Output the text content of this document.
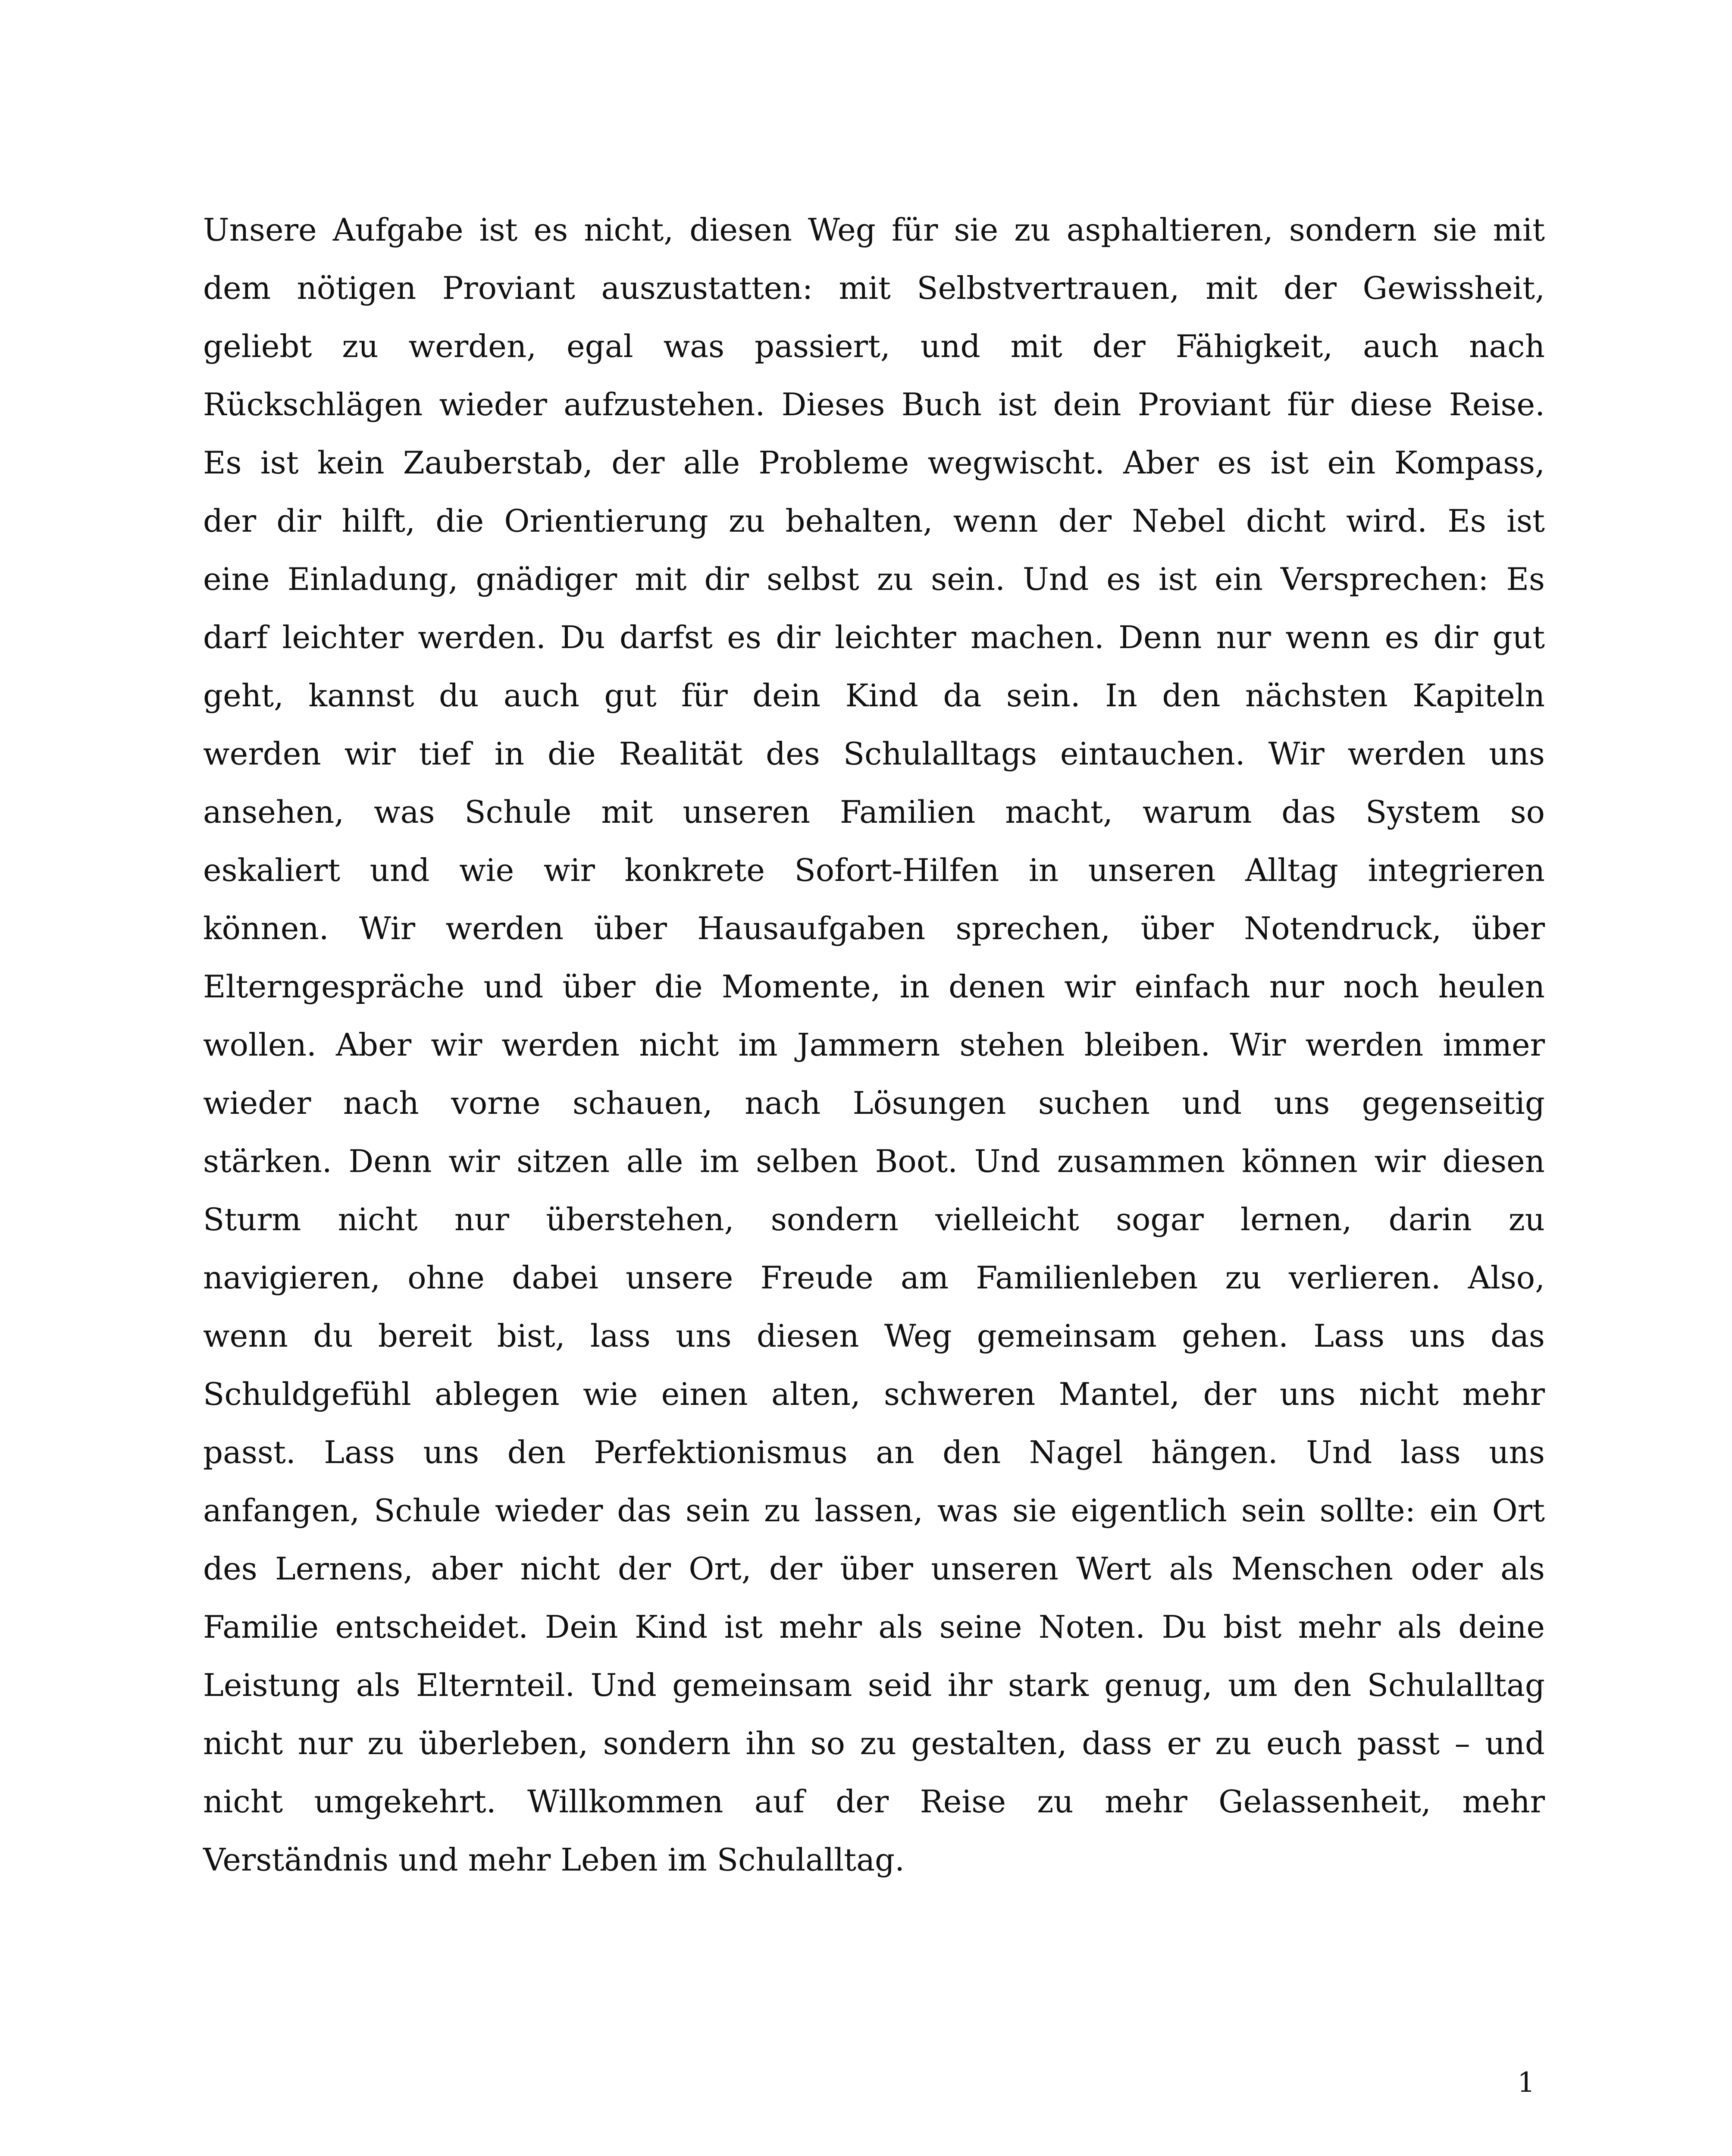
Unsere Aufgabe ist es nicht, diesen Weg für sie zu asphaltieren, sondern sie mit
dem nötigen Proviant auszustatten: mit Selbstvertrauen, mit der Gewissheit,
geliebt zu werden, egal was passiert, und mit der Fähigkeit, auch nach
Rückschlägen wieder aufzustehen. Dieses Buch ist dein Proviant für diese Reise.
Es ist kein Zauberstab, der alle Probleme wegwischt. Aber es ist ein Kompass,
der dir hilft, die Orientierung zu behalten, wenn der Nebel dicht wird. Es ist
eine Einladung, gnädiger mit dir selbst zu sein. Und es ist ein Versprechen: Es
darf leichter werden. Du darfst es dir leichter machen. Denn nur wenn es dir gut
geht, kannst du auch gut für dein Kind da sein. In den nächsten Kapiteln
werden wir tief in die Realität des Schulalltags eintauchen. Wir werden uns
ansehen, was Schule mit unseren Familien macht, warum das System so
eskaliert und wie wir konkrete Sofort-Hilfen in unseren Alltag integrieren
können. Wir werden über Hausaufgaben sprechen, über Notendruck, über
Elterngespräche und über die Momente, in denen wir einfach nur noch heulen
wollen. Aber wir werden nicht im Jammern stehen bleiben. Wir werden immer
wieder nach vorne schauen, nach Lösungen suchen und uns gegenseitig
stärken. Denn wir sitzen alle im selben Boot. Und zusammen können wir diesen
Sturm nicht nur überstehen, sondern vielleicht sogar lernen, darin zu
navigieren, ohne dabei unsere Freude am Familienleben zu verlieren. Also,
wenn du bereit bist, lass uns diesen Weg gemeinsam gehen. Lass uns das
Schuldgefühl ablegen wie einen alten, schweren Mantel, der uns nicht mehr
passt. Lass uns den Perfektionismus an den Nagel hängen. Und lass uns
anfangen, Schule wieder das sein zu lassen, was sie eigentlich sein sollte: ein Ort
des Lernens, aber nicht der Ort, der über unseren Wert als Menschen oder als
Familie entscheidet. Dein Kind ist mehr als seine Noten. Du bist mehr als deine
Leistung als Elternteil. Und gemeinsam seid ihr stark genug, um den Schulalltag
nicht nur zu überleben, sondern ihn so zu gestalten, dass er zu euch passt – und
nicht umgekehrt. Willkommen auf der Reise zu mehr Gelassenheit, mehr
Verständnis und mehr Leben im Schulalltag.
1
